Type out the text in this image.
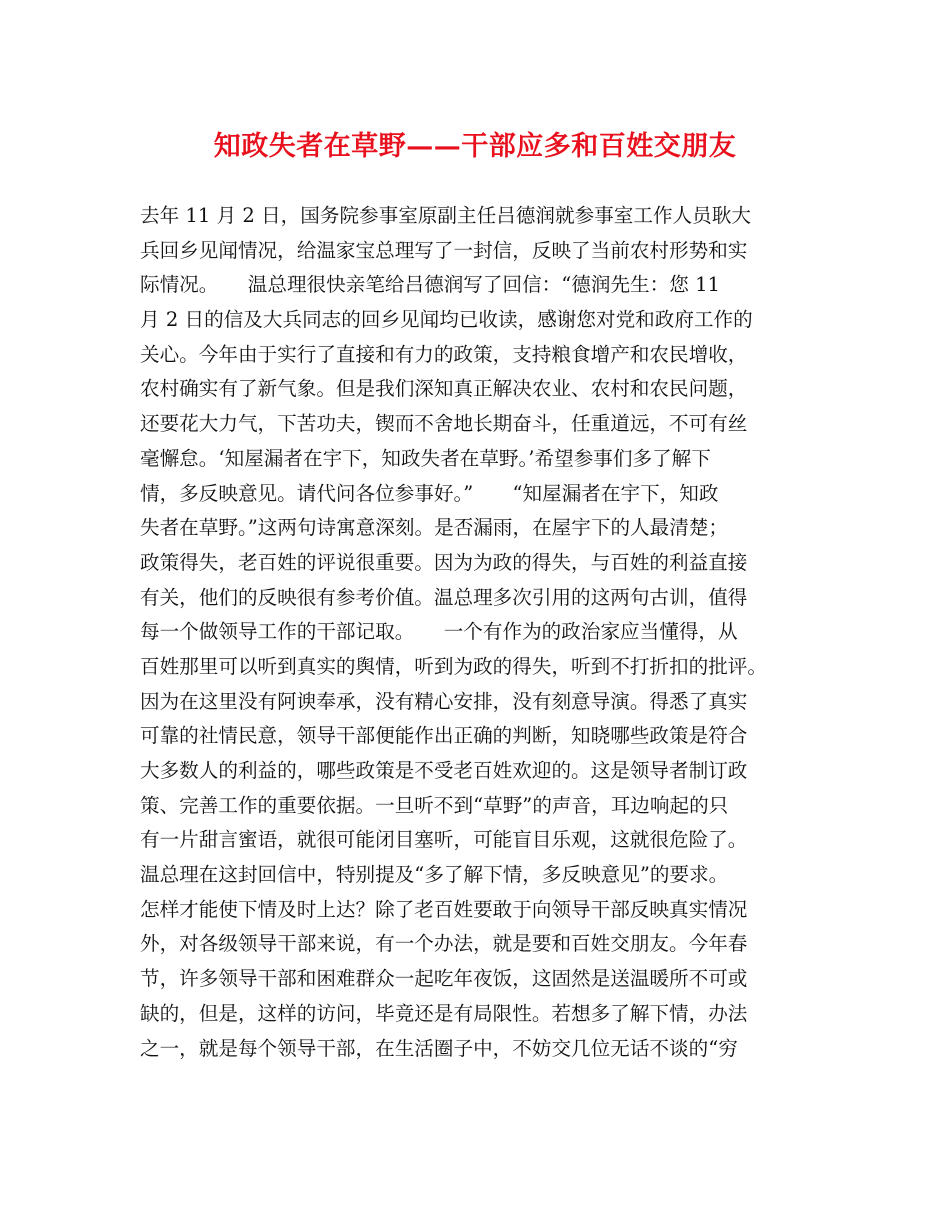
知政失者在草野——干部应多和百姓交朋友
去年 11 月 2 日，国务院参事室原副主任吕德润就参事室工作人员耿大
兵回乡见闻情况，给温家宝总理写了一封信，反映了当前农村形势和实
际情况。　　温总理很快亲笔给吕德润写了回信：“德润先生：您 11
月 2 日的信及大兵同志的回乡见闻均已收读，感谢您对党和政府工作的
关心。今年由于实行了直接和有力的政策，支持粮食增产和农民增收，
农村确实有了新气象。但是我们深知真正解决农业、农村和农民问题，
还要花大力气，下苦功夫，锲而不舍地长期奋斗，任重道远，不可有丝
毫懈怠。‘知屋漏者在宇下，知政失者在草野。’希望参事们多了解下
情，多反映意见。请代问各位参事好。”　　“知屋漏者在宇下，知政
失者在草野。”这两句诗寓意深刻。是否漏雨，在屋宇下的人最清楚；
政策得失，老百姓的评说很重要。因为为政的得失，与百姓的利益直接
有关，他们的反映很有参考价值。温总理多次引用的这两句古训，值得
每一个做领导工作的干部记取。　　一个有作为的政治家应当懂得，从
百姓那里可以听到真实的舆情，听到为政的得失，听到不打折扣的批评。
因为在这里没有阿谀奉承，没有精心安排，没有刻意导演。得悉了真实
可靠的社情民意，领导干部便能作出正确的判断，知晓哪些政策是符合
大多数人的利益的，哪些政策是不受老百姓欢迎的。这是领导者制订政
策、完善工作的重要依据。一旦听不到“草野”的声音，耳边响起的只
有一片甜言蜜语，就很可能闭目塞听，可能盲目乐观，这就很危险了。
温总理在这封回信中，特别提及“多了解下情，多反映意见”的要求。
怎样才能使下情及时上达？除了老百姓要敢于向领导干部反映真实情况
外，对各级领导干部来说，有一个办法，就是要和百姓交朋友。今年春
节，许多领导干部和困难群众一起吃年夜饭，这固然是送温暖所不可或
缺的，但是，这样的访问，毕竟还是有局限性。若想多了解下情，办法
之一，就是每个领导干部，在生活圈子中，不妨交几位无话不谈的“穷
